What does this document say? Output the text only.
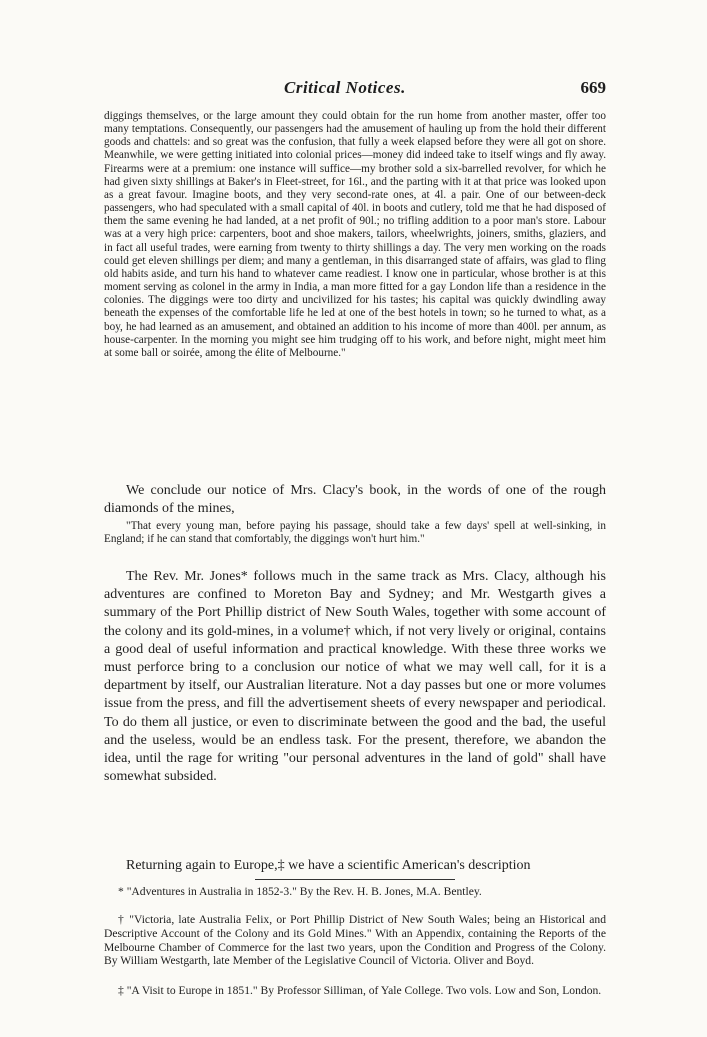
Critical Notices.	669

diggings themselves, or the large amount they could obtain for the run home from another master, offer too many temptations. Consequently, our passengers had the amusement of hauling up from the hold their different goods and chattels: and so great was the confusion, that fully a week elapsed before they were all got on shore. Meanwhile, we were getting initiated into colonial prices—money did indeed take to itself wings and fly away. Firearms were at a premium: one instance will suffice—my brother sold a six-barrelled revolver, for which he had given sixty shillings at Baker's in Fleet-street, for 16l., and the parting with it at that price was looked upon as a great favour. Imagine boots, and they very second-rate ones, at 4l. a pair. One of our between-deck passengers, who had speculated with a small capital of 40l. in boots and cutlery, told me that he had disposed of them the same evening he had landed, at a net profit of 90l.; no trifling addition to a poor man's store. Labour was at a very high price: carpenters, boot and shoe makers, tailors, wheelwrights, joiners, smiths, glaziers, and in fact all useful trades, were earning from twenty to thirty shillings a day. The very men working on the roads could get eleven shillings per diem; and many a gentleman, in this disarranged state of affairs, was glad to fling old habits aside, and turn his hand to whatever came readiest. I know one in particular, whose brother is at this moment serving as colonel in the army in India, a man more fitted for a gay London life than a residence in the colonies. The diggings were too dirty and uncivilized for his tastes; his capital was quickly dwindling away beneath the expenses of the comfortable life he led at one of the best hotels in town; so he turned to what, as a boy, he had learned as an amusement, and obtained an addition to his income of more than 400l. per annum, as house-carpenter. In the morning you might see him trudging off to his work, and before night, might meet him at some ball or soirée, among the élite of Melbourne."

We conclude our notice of Mrs. Clacy's book, in the words of one of the rough diamonds of the mines,

"That every young man, before paying his passage, should take a few days' spell at well-sinking, in England; if he can stand that comfortably, the diggings won't hurt him."

The Rev. Mr. Jones* follows much in the same track as Mrs. Clacy, although his adventures are confined to Moreton Bay and Sydney; and Mr. Westgarth gives a summary of the Port Phillip district of New South Wales, together with some account of the colony and its gold-mines, in a volume† which, if not very lively or original, contains a good deal of useful information and practical knowledge. With these three works we must perforce bring to a conclusion our notice of what we may well call, for it is a department by itself, our Australian literature. Not a day passes but one or more volumes issue from the press, and fill the advertisement sheets of every newspaper and periodical. To do them all justice, or even to discriminate between the good and the bad, the useful and the useless, would be an endless task. For the present, therefore, we abandon the idea, until the rage for writing "our personal adventures in the land of gold" shall have somewhat subsided.

Returning again to Europe,‡ we have a scientific American's description

* "Adventures in Australia in 1852-3." By the Rev. H. B. Jones, M.A. Bentley.

† "Victoria, late Australia Felix, or Port Phillip District of New South Wales; being an Historical and Descriptive Account of the Colony and its Gold Mines." With an Appendix, containing the Reports of the Melbourne Chamber of Commerce for the last two years, upon the Condition and Progress of the Colony. By William Westgarth, late Member of the Legislative Council of Victoria. Oliver and Boyd.

‡ "A Visit to Europe in 1851." By Professor Silliman, of Yale College. Two vols. Low and Son, London.
